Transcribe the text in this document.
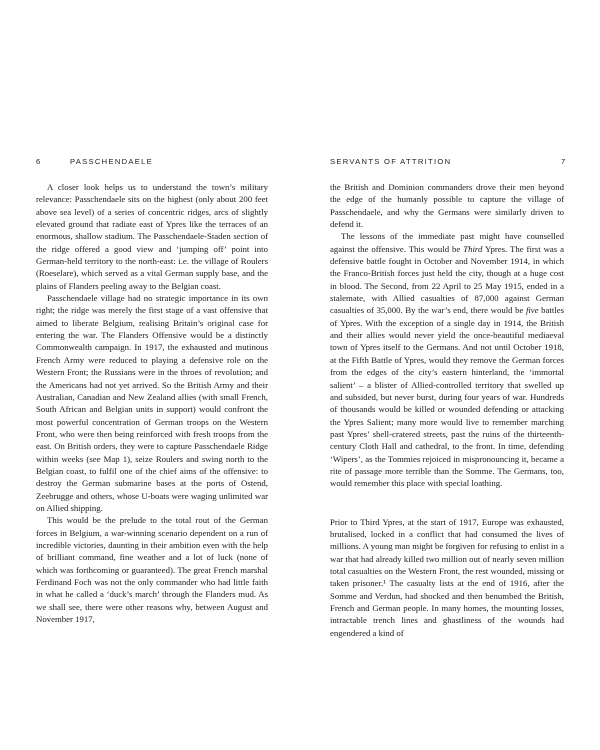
6	PASSCHENDAELE

A closer look helps us to understand the town’s military relevance: Passchendaele sits on the highest (only about 200 feet above sea level) of a series of concentric ridges, arcs of slightly elevated ground that radiate east of Ypres like the terraces of an enormous, shallow stadium. The Passchendaele-Staden section of the ridge offered a good view and ‘jumping off’ point into German-held territory to the north-east: i.e. the village of Roulers (Roeselare), which served as a vital German supply base, and the plains of Flanders peeling away to the Belgian coast.

Passchendaele village had no strategic importance in its own right; the ridge was merely the first stage of a vast offensive that aimed to liberate Belgium, realising Britain’s original case for entering the war. The Flanders Offensive would be a distinctly Commonwealth campaign. In 1917, the exhausted and mutinous French Army were reduced to playing a defensive role on the Western Front; the Russians were in the throes of revolution; and the Americans had not yet arrived. So the British Army and their Australian, Canadian and New Zealand allies (with small French, South African and Belgian units in support) would confront the most powerful concentration of German troops on the Western Front, who were then being reinforced with fresh troops from the east. On British orders, they were to capture Passchendaele Ridge within weeks (see Map 1), seize Roulers and swing north to the Belgian coast, to fulfil one of the chief aims of the offensive: to destroy the German submarine bases at the ports of Ostend, Zeebrugge and others, whose U-boats were waging unlimited war on Allied shipping.

This would be the prelude to the total rout of the German forces in Belgium, a war-winning scenario dependent on a run of incredible victories, daunting in their ambition even with the help of brilliant command, fine weather and a lot of luck (none of which was forthcoming or guaranteed). The great French marshal Ferdinand Foch was not the only commander who had little faith in what he called a ‘duck’s march’ through the Flanders mud. As we shall see, there were other reasons why, between August and November 1917,

SERVANTS OF ATTRITION	7

the British and Dominion commanders drove their men beyond the edge of the humanly possible to capture the village of Passchendaele, and why the Germans were similarly driven to defend it.

The lessons of the immediate past might have counselled against the offensive. This would be Third Ypres. The first was a defensive battle fought in October and November 1914, in which the Franco-British forces just held the city, though at a huge cost in blood. The Second, from 22 April to 25 May 1915, ended in a stalemate, with Allied casualties of 87,000 against German casualties of 35,000. By the war’s end, there would be five battles of Ypres. With the exception of a single day in 1914, the British and their allies would never yield the once-beautiful mediaeval town of Ypres itself to the Germans. And not until October 1918, at the Fifth Battle of Ypres, would they remove the German forces from the edges of the city’s eastern hinterland, the ‘immortal salient’ – a blister of Allied-controlled territory that swelled up and subsided, but never burst, during four years of war. Hundreds of thousands would be killed or wounded defending or attacking the Ypres Salient; many more would live to remember marching past Ypres’ shell-cratered streets, past the ruins of the thirteenth-century Cloth Hall and cathedral, to the front. In time, defending ‘Wipers’, as the Tommies rejoiced in mispronouncing it, became a rite of passage more terrible than the Somme. The Germans, too, would remember this place with special loathing.

Prior to Third Ypres, at the start of 1917, Europe was exhausted, brutalised, locked in a conflict that had consumed the lives of millions. A young man might be forgiven for refusing to enlist in a war that had already killed two million out of nearly seven million total casualties on the Western Front, the rest wounded, missing or taken prisoner.¹ The casualty lists at the end of 1916, after the Somme and Verdun, had shocked and then benumbed the British, French and German people. In many homes, the mounting losses, intractable trench lines and ghastliness of the wounds had engendered a kind of
